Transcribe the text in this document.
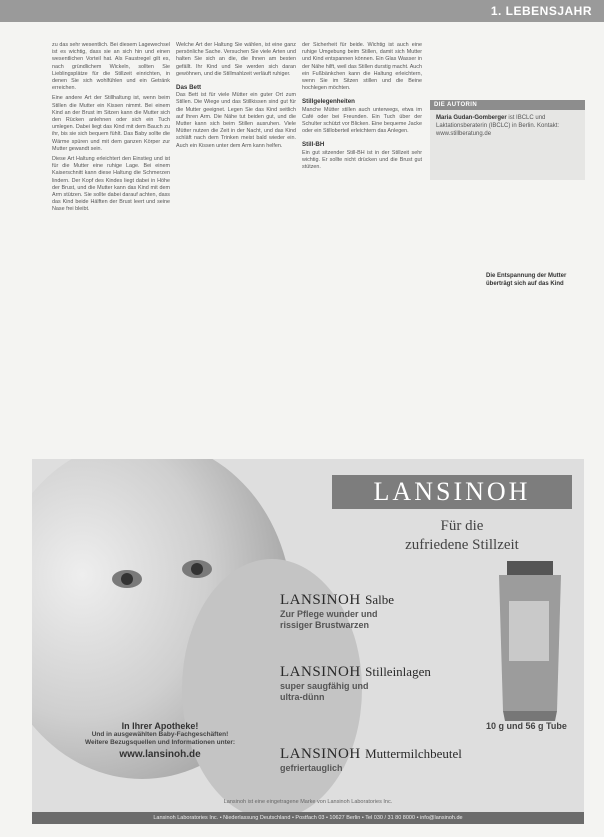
1. LEBENSJAHR

zu das sehr wesentlich. Bei diesem Lagewechsel ist es wichtig, dass sie an sich hin und einen wesentlichen Vorteil hat. Als Faustregel gilt es, nach gründlichem Wickeln, sollten Sie Lieblingsplätze für die Stillzeit einrichten, in denen Sie sich wohlfühlen und ein Getränk erreichen.

Eine andere Art der Stillhaltung ist, wenn beim Stillen die Mutter ein Kissen nimmt. Bei einem Kind an der Brust im Sitzen kann die Mutter sich den Rücken anlehnen oder sich ein Tuch umlegen. Dabei liegt das Kind mit dem Bauch zu ihr, bis sie sich bequem fühlt. Das Baby sollte die Wärme spüren und mit dem ganzen Körper zur Mutter gewandt sein.

Diese Art Haltung erleichtert den Einstieg und ist für die Mutter eine ruhige Lage. Bei einem Kaiserschnitt kann diese Haltung die Schmerzen lindern. Der Kopf des Kindes liegt dabei in Höhe der Brust, und die Mutter kann das Kind mit dem Arm stützen. Sie sollte dabei darauf achten, dass das Kind beide Hälften der Brust leert und seine Nase frei bleibt.

Welche Art der Haltung Sie wählen, ist eine ganz persönliche Sache. Versuchen Sie viele Arten und halten Sie sich an die, die Ihnen am besten gefällt. Ihr Kind und Sie werden sich daran gewöhnen, und die Stillmahlzeit verläuft ruhiger.

Das Bett

Das Bett ist für viele Mütter ein guter Ort zum Stillen. Die Wiege und das Stillkissen sind gut für die Mutter geeignet. Legen Sie das Kind seitlich auf Ihren Arm. Die Nähe tut beiden gut, und die Mutter kann sich beim Stillen ausruhen. Viele Mütter nutzen die Zeit in der Nacht, und das Kind schläft nach dem Trinken meist bald wieder ein. Auch ein Kissen unter dem Arm kann helfen.

der Sicherheit für beide. Wichtig ist auch eine ruhige Umgebung beim Stillen, damit sich Mutter und Kind entspannen können. Ein Glas Wasser in der Nähe hilft, weil das Stillen durstig macht. Auch ein Fußbänkchen kann die Haltung erleichtern, wenn Sie im Sitzen stillen und die Beine hochlegen möchten.

Stillgelegenheiten

Manche Mütter stillen auch unterwegs, etwa im Café oder bei Freunden. Ein Tuch über der Schulter schützt vor Blicken. Eine bequeme Jacke oder ein Stilloberteil erleichtern das Anlegen.

Still-BH

Ein gut sitzender Still-BH ist in der Stillzeit sehr wichtig. Er sollte nicht drücken und die Brust gut stützen.

DIE AUTORIN
Maria Gudan-Gomberger ist IBCLC und Laktationsberaterin (IBCLC) in Berlin. Kontakt: www.stillberatung.de
Die Entspannung der Mutter überträgt sich auf das Kind
LANSINOH
Für die
zufriedene Stillzeit
LANSINOH Salbe
Zur Pflege wunder und
rissiger Brustwarzen
LANSINOH Stilleinlagen
super saugfähig und
ultra-dünn
LANSINOH Muttermilchbeutel
gefriertauglich
10 g und 56 g Tube
In Ihrer Apotheke!
Und in ausgewählten Baby-Fachgeschäften!
Weitere Bezugsquellen und Informationen unter:
www.lansinoh.de
Lansinoh ist eine eingetragene Marke von Lansinoh Laboratories Inc.
Lansinoh Laboratories Inc. • Niederlassung Deutschland • Postfach 03 • 10627 Berlin • Tel 030 / 31 80 8000 • info@lansinoh.de
